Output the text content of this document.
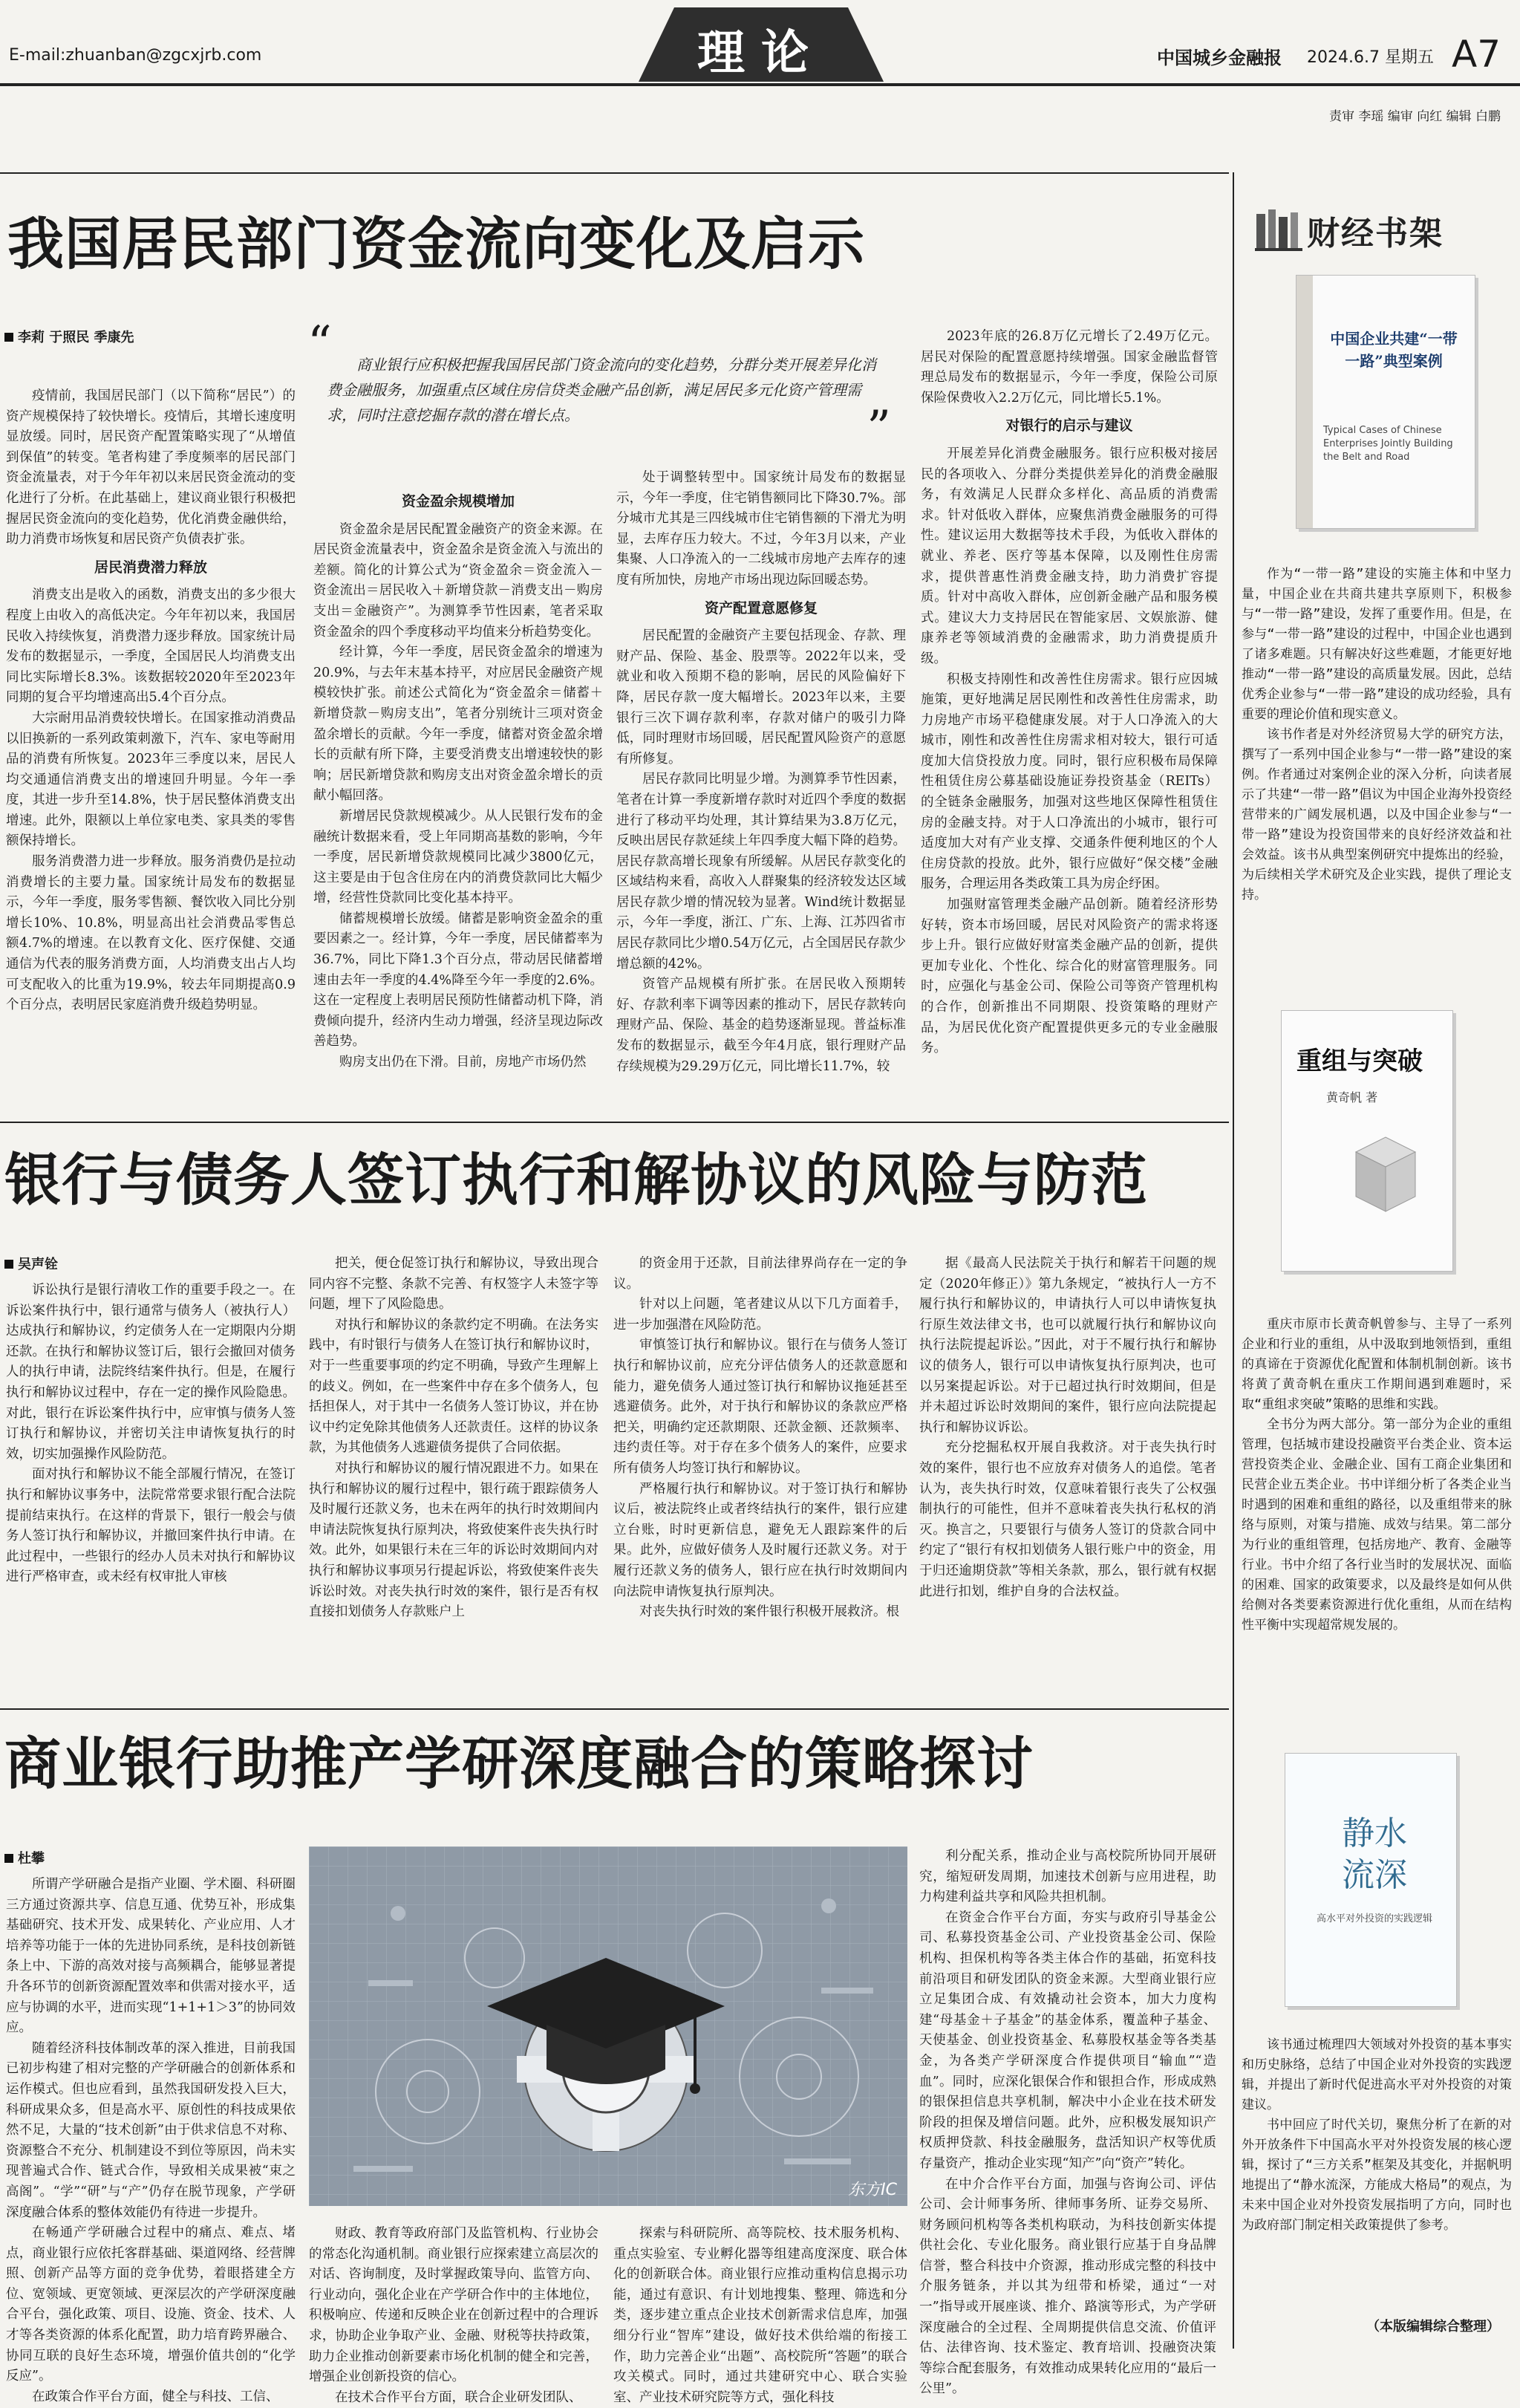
E-mail:zhuanban@zgcxjrb.com	理论	中国城乡金融报 2024.6.7 星期五 A7
责审 李瑶 编审 向红 编辑 白鹏
我国居民部门资金流向变化及启示
李莉 于照民 季康先	“
”
商业银行应积极把握我国居民部门资金流向的变化趋势，分群分类开展差异化消费金融服务，加强重点区域住房信贷类金融产品创新，满足居民多元化资产管理需求，同时注意挖掘存款的潜在增长点。

疫情前，我国居民部门（以下简称“居民”）的资产规模保持了较快增长。疫情后，其增长速度明显放缓。同时，居民资产配置策略实现了“从增值到保值”的转变。笔者构建了季度频率的居民部门资金流量表，对于今年年初以来居民资金流动的变化进行了分析。在此基础上，建议商业银行积极把握居民资金流向的变化趋势，优化消费金融供给，助力消费市场恢复和居民资产负债表扩张。

居民消费潜力释放

消费支出是收入的函数，消费支出的多少很大程度上由收入的高低决定。今年年初以来，我国居民收入持续恢复，消费潜力逐步释放。国家统计局发布的数据显示，一季度，全国居民人均消费支出同比实际增长8.3%。该数据较2020年至2023年同期的复合平均增速高出5.4个百分点。

大宗耐用品消费较快增长。在国家推动消费品以旧换新的一系列政策刺激下，汽车、家电等耐用品的消费有所恢复。2023年三季度以来，居民人均交通通信消费支出的增速回升明显。今年一季度，其进一步升至14.8%，快于居民整体消费支出增速。此外，限额以上单位家电类、家具类的零售额保持增长。

服务消费潜力进一步释放。服务消费仍是拉动消费增长的主要力量。国家统计局发布的数据显示，今年一季度，服务零售额、餐饮收入同比分别增长10%、10.8%，明显高出社会消费品零售总额4.7%的增速。在以教育文化、医疗保健、交通通信为代表的服务消费方面，人均消费支出占人均可支配收入的比重为19.9%，较去年同期提高0.9个百分点，表明居民家庭消费升级趋势明显。

资金盈余规模增加

资金盈余是居民配置金融资产的资金来源。在居民资金流量表中，资金盈余是资金流入与流出的差额。简化的计算公式为“资金盈余＝资金流入－资金流出＝居民收入＋新增贷款－消费支出－购房支出＝金融资产”。为测算季节性因素，笔者采取资金盈余的四个季度移动平均值来分析趋势变化。

经计算，今年一季度，居民资金盈余的增速为20.9%，与去年末基本持平，对应居民金融资产规模较快扩张。前述公式简化为“资金盈余＝储蓄＋新增贷款－购房支出”，笔者分别统计三项对资金盈余增长的贡献。今年一季度，储蓄对资金盈余增长的贡献有所下降，主要受消费支出增速较快的影响；居民新增贷款和购房支出对资金盈余增长的贡献小幅回落。

新增居民贷款规模减少。从人民银行发布的金融统计数据来看，受上年同期高基数的影响，今年一季度，居民新增贷款规模同比减少3800亿元，这主要是由于包含住房在内的消费贷款同比大幅少增，经营性贷款同比变化基本持平。

储蓄规模增长放缓。储蓄是影响资金盈余的重要因素之一。经计算，今年一季度，居民储蓄率为36.7%，同比下降1.3个百分点，带动居民储蓄增速由去年一季度的4.4%降至今年一季度的2.6%。这在一定程度上表明居民预防性储蓄动机下降，消费倾向提升，经济内生动力增强，经济呈现边际改善趋势。

购房支出仍在下滑。目前，房地产市场仍然

处于调整转型中。国家统计局发布的数据显示，今年一季度，住宅销售额同比下降30.7%。部分城市尤其是三四线城市住宅销售额的下滑尤为明显，去库存压力较大。不过，今年3月以来，产业集聚、人口净流入的一二线城市房地产去库存的速度有所加快，房地产市场出现边际回暖态势。

资产配置意愿修复

居民配置的金融资产主要包括现金、存款、理财产品、保险、基金、股票等。2022年以来，受就业和收入预期不稳的影响，居民的风险偏好下降，居民存款一度大幅增长。2023年以来，主要银行三次下调存款利率，存款对储户的吸引力降低，同时理财市场回暖，居民配置风险资产的意愿有所修复。

居民存款同比明显少增。为测算季节性因素，笔者在计算一季度新增存款时对近四个季度的数据进行了移动平均处理，其计算结果为3.8万亿元，反映出居民存款延续上年四季度大幅下降的趋势。居民存款高增长现象有所缓解。从居民存款变化的区域结构来看，高收入人群聚集的经济较发达区域居民存款少增的情况较为显著。Wind统计数据显示，今年一季度，浙江、广东、上海、江苏四省市居民存款同比少增0.54万亿元，占全国居民存款少增总额的42%。

资管产品规模有所扩张。在居民收入预期转好、存款利率下调等因素的推动下，居民存款转向理财产品、保险、基金的趋势逐渐显现。普益标准发布的数据显示，截至今年4月底，银行理财产品存续规模为29.29万亿元，同比增长11.7%，较

2023年底的26.8万亿元增长了2.49万亿元。居民对保险的配置意愿持续增强。国家金融监督管理总局发布的数据显示，今年一季度，保险公司原保险保费收入2.2万亿元，同比增长5.1%。

对银行的启示与建议

开展差异化消费金融服务。银行应积极对接居民的各项收入、分群分类提供差异化的消费金融服务，有效满足人民群众多样化、高品质的消费需求。针对低收入群体，应聚焦消费金融服务的可得性。建议运用大数据等技术手段，为低收入群体的就业、养老、医疗等基本保障，以及刚性住房需求，提供普惠性消费金融支持，助力消费扩容提质。针对中高收入群体，应创新金融产品和服务模式。建议大力支持居民在智能家居、文娱旅游、健康养老等领域消费的金融需求，助力消费提质升级。

积极支持刚性和改善性住房需求。银行应因城施策，更好地满足居民刚性和改善性住房需求，助力房地产市场平稳健康发展。对于人口净流入的大城市，刚性和改善性住房需求相对较大，银行可适度加大信贷投放力度。同时，银行应积极布局保障性租赁住房公募基础设施证券投资基金（REITs）的全链条金融服务，加强对这些地区保障性租赁住房的金融支持。对于人口净流出的小城市，银行可适度加大对有产业支撑、交通条件便利地区的个人住房贷款的投放。此外，银行应做好“保交楼”金融服务，合理运用各类政策工具为房企纾困。

加强财富管理类金融产品创新。随着经济形势好转，资本市场回暖，居民对风险资产的需求将逐步上升。银行应做好财富类金融产品的创新，提供更加专业化、个性化、综合化的财富管理服务。同时，应强化与基金公司、保险公司等资产管理机构的合作，创新推出不同期限、投资策略的理财产品，为居民优化资产配置提供更多元的专业金融服务。

银行与债务人签订执行和解协议的风险与防范
吴声铨

诉讼执行是银行清收工作的重要手段之一。在诉讼案件执行中，银行通常与债务人（被执行人）达成执行和解协议，约定债务人在一定期限内分期还款。在执行和解协议签订后，银行会撤回对债务人的执行申请，法院终结案件执行。但是，在履行执行和解协议过程中，存在一定的操作风险隐患。对此，银行在诉讼案件执行中，应审慎与债务人签订执行和解协议，并密切关注申请恢复执行的时效，切实加强操作风险防范。

面对执行和解协议不能全部履行情况，在签订执行和解协议事务中，法院常常要求银行配合法院提前结束执行。在这样的背景下，银行一般会与债务人签订执行和解协议，并撤回案件执行申请。在此过程中，一些银行的经办人员未对执行和解协议进行严格审查，或未经有权审批人审核

把关，便仓促签订执行和解协议，导致出现合同内容不完整、条款不完善、有权签字人未签字等问题，埋下了风险隐患。

对执行和解协议的条款约定不明确。在法务实践中，有时银行与债务人在签订执行和解协议时，对于一些重要事项的约定不明确，导致产生理解上的歧义。例如，在一些案件中存在多个债务人，包括担保人，对于其中一名债务人签订协议，并在协议中约定免除其他债务人还款责任。这样的协议条款，为其他债务人逃避债务提供了合同依据。

对执行和解协议的履行情况跟进不力。如果在执行和解协议的履行过程中，银行疏于跟踪债务人及时履行还款义务，也未在两年的执行时效期间内申请法院恢复执行原判决，将致使案件丧失执行时效。此外，如果银行未在三年的诉讼时效期间内对执行和解协议事项另行提起诉讼，将致使案件丧失诉讼时效。对丧失执行时效的案件，银行是否有权直接扣划债务人存款账户上

的资金用于还款，目前法律界尚存在一定的争议。

针对以上问题，笔者建议从以下几方面着手，进一步加强潜在风险防范。

审慎签订执行和解协议。银行在与债务人签订执行和解协议前，应充分评估债务人的还款意愿和能力，避免债务人通过签订执行和解协议拖延甚至逃避债务。此外，对于执行和解协议的条款应严格把关，明确约定还款期限、还款金额、还款频率、违约责任等。对于存在多个债务人的案件，应要求所有债务人均签订执行和解协议。

严格履行执行和解协议。对于签订执行和解协议后，被法院终止或者终结执行的案件，银行应建立台账，时时更新信息，避免无人跟踪案件的后果。此外，应做好债务人及时履行还款义务。对于履行还款义务的债务人，银行应在执行时效期间内向法院申请恢复执行原判决。

对丧失执行时效的案件银行积极开展救济。根

据《最高人民法院关于执行和解若干问题的规定（2020年修正）》第九条规定，“被执行人一方不履行执行和解协议的，申请执行人可以申请恢复执行原生效法律文书，也可以就履行执行和解协议向执行法院提起诉讼。”因此，对于不履行执行和解协议的债务人，银行可以申请恢复执行原判决，也可以另案提起诉讼。对于已超过执行时效期间，但是并未超过诉讼时效期间的案件，银行应向法院提起执行和解协议诉讼。

充分挖掘私权开展自我救济。对于丧失执行时效的案件，银行也不应放弃对债务人的追偿。笔者认为，丧失执行时效，仅意味着银行丧失了公权强制执行的可能性，但并不意味着丧失执行私权的消灭。换言之，只要银行与债务人签订的贷款合同中约定了“银行有权扣划债务人银行账户中的资金，用于归还逾期贷款”等相关条款，那么，银行就有权据此进行扣划，维护自身的合法权益。

商业银行助推产学研深度融合的策略探讨
杜攀
东方IC

所谓产学研融合是指产业圈、学术圈、科研圈三方通过资源共享、信息互通、优势互补，形成集基础研究、技术开发、成果转化、产业应用、人才培养等功能于一体的先进协同系统，是科技创新链条上中、下游的高效对接与高频耦合，能够显著提升各环节的创新资源配置效率和供需对接水平，适应与协调的水平，进而实现“1+1+1＞3”的协同效应。

随着经济科技体制改革的深入推进，目前我国已初步构建了相对完整的产学研融合的创新体系和运作模式。但也应看到，虽然我国研发投入巨大，科研成果众多，但是高水平、原创性的科技成果依然不足，大量的“技术创新”由于供求信息不对称、资源整合不充分、机制建设不到位等原因，尚未实现普遍式合作、链式合作，导致相关成果被“束之高阁”。“学”“研”与“产”仍存在脱节现象，产学研深度融合体系的整体效能仍有待进一步提升。

在畅通产学研融合过程中的痛点、难点、堵点，商业银行应依托客群基础、渠道网络、经营牌照、创新产品等方面的竞争优势，着眼搭建全方位、宽领域、更宽领域、更深层次的产学研深度融合平台，强化政策、项目、设施、资金、技术、人才等各类资源的体系化配置，助力培育跨界融合、协同互联的良好生态环境，增强价值共创的“化学反应”。

在政策合作平台方面，健全与科技、工信、

财政、教育等政府部门及监管机构、行业协会的常态化沟通机制。商业银行应探索建立高层次的对话、咨询制度，及时掌握政策导向、监管方向、行业动向，强化企业在产学研合作中的主体地位，积极响应、传递和反映企业在创新过程中的合理诉求，协助企业争取产业、金融、财税等扶持政策，助力企业推动创新要素市场化机制的健全和完善，增强企业创新投资的信心。

在技术合作平台方面，联合企业研发团队、

探索与科研院所、高等院校、技术服务机构、重点实验室、专业孵化器等组建高度深度、联合体化的创新联合体。商业银行应推动重构信息揭示功能，通过有意识、有计划地搜集、整理、筛选和分类，逐步建立重点企业技术创新需求信息库，加强细分行业“智库”建设，做好技术供给端的衔接工作，助力完善企业“出题”、高校院所“答题”的联合攻关模式。同时，通过共建研究中心、联合实验室、产业技术研究院等方式，强化科技

利分配关系，推动企业与高校院所协同开展研究，缩短研发周期，加速技术创新与应用进程，助力构建利益共享和风险共担机制。

在资金合作平台方面，夯实与政府引导基金公司、私募投资基金公司、产业投资基金公司、保险机构、担保机构等各类主体合作的基础，拓宽科技前沿项目和研发团队的资金来源。大型商业银行应立足集团合成、有效撬动社会资本，加大力度构建“母基金＋子基金”的基金体系，覆盖种子基金、天使基金、创业投资基金、私募股权基金等各类基金，为各类产学研深度合作提供项目“输血”“造血”。同时，应深化银保合作和银担合作，形成成熟的银保担信息共享机制，解决中小企业在技术研发阶段的担保及增信问题。此外，应积极发展知识产权质押贷款、科技金融服务，盘活知识产权等优质存量资产，推动企业实现“知产”向“资产”转化。

在中介合作平台方面，加强与咨询公司、评估公司、会计师事务所、律师事务所、证券交易所、财务顾问机构等各类机构联动，为科技创新实体提供社会化、专业化服务。商业银行应基于自身品牌信誉，整合科技中介资源，推动形成完整的科技中介服务链条，并以其为纽带和桥梁，通过“一对一”指导或开展座谈、推介、路演等形式，为产学研深度融合的全过程、全周期提供信息交流、价值评估、法律咨询、技术鉴定、教育培训、投融资决策等综合配套服务，有效推动成果转化应用的“最后一公里”。

财经书架
中国企业共建“一带一路”典型案例
Typical Cases of Chinese Enterprises Jointly Building the Belt and Road

作为“一带一路”建设的实施主体和中坚力量，中国企业在共商共建共享原则下，积极参与“一带一路”建设，发挥了重要作用。但是，在参与“一带一路”建设的过程中，中国企业也遇到了诸多难题。只有解决好这些难题，才能更好地推动“一带一路”建设的高质量发展。因此，总结优秀企业参与“一带一路”建设的成功经验，具有重要的理论价值和现实意义。

该书作者是对外经济贸易大学的研究方法，撰写了一系列中国企业参与“一带一路”建设的案例。作者通过对案例企业的深入分析，向读者展示了共建“一带一路”倡议为中国企业海外投资经营带来的广阔发展机遇，以及中国企业参与“一带一路”建设为投资国带来的良好经济效益和社会效益。该书从典型案例研究中提炼出的经验，为后续相关学术研究及企业实践，提供了理论支持。

重组与突破
黄奇帆 著

重庆市原市长黄奇帆曾参与、主导了一系列企业和行业的重组，从中汲取到地领悟到，重组的真谛在于资源优化配置和体制机制创新。该书将黄了黄奇帆在重庆工作期间遇到难题时，采取“重组求突破”策略的思维和实践。

全书分为两大部分。第一部分为企业的重组管理，包括城市建设投融资平台类企业、资本运营投资类企业、金融企业、国有工商企业集团和民营企业五类企业。书中详细分析了各类企业当时遇到的困难和重组的路径，以及重组带来的脉络与原则，对策与措施、成效与结果。第二部分为行业的重组管理，包括房地产、教育、金融等行业。书中介绍了各行业当时的发展状况、面临的困难、国家的政策要求，以及最终是如何从供给侧对各类要素资源进行优化重组，从而在结构性平衡中实现超常规发展的。

静水流深
高水平对外投资的实践逻辑

该书通过梳理四大领域对外投资的基本事实和历史脉络，总结了中国企业对外投资的实践逻辑，并提出了新时代促进高水平对外投资的对策建议。

书中回应了时代关切，聚焦分析了在新的对外开放条件下中国高水平对外投资发展的核心逻辑，探讨了“三方关系”框架及其变化，并据帆明地提出了“静水流深，方能成大格局”的观点，为未来中国企业对外投资发展指明了方向，同时也为政府部门制定相关政策提供了参考。

（本版编辑综合整理）
